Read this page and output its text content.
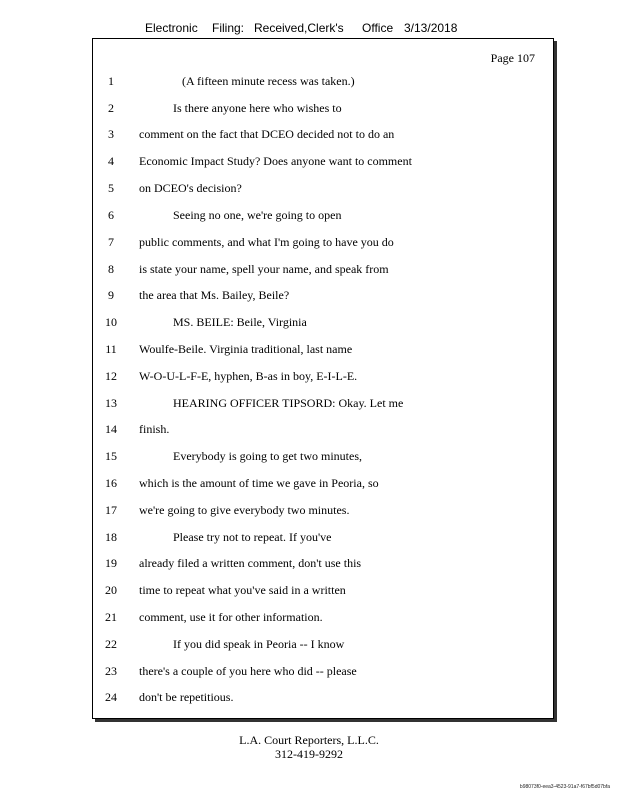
Electronic Filing: Received,Clerk's Office 3/13/2018
Page 107
1	(A fifteen minute recess was taken.)
2	Is there anyone here who wishes to
3	comment on the fact that DCEO decided not to do an
4	Economic Impact Study? Does anyone want to comment
5	on DCEO's decision?
6	Seeing no one, we're going to open
7	public comments, and what I'm going to have you do
8	is state your name, spell your name, and speak from
9	the area that Ms. Bailey, Beile?
10	MS. BEILE: Beile, Virginia
11	Woulfe-Beile. Virginia traditional, last name
12	W-O-U-L-F-E, hyphen, B-as in boy, E-I-L-E.
13	HEARING OFFICER TIPSORD: Okay. Let me
14	finish.
15	Everybody is going to get two minutes,
16	which is the amount of time we gave in Peoria, so
17	we're going to give everybody two minutes.
18	Please try not to repeat. If you've
19	already filed a written comment, don't use this
20	time to repeat what you've said in a written
21	comment, use it for other information.
22	If you did speak in Peoria -- I know
23	there's a couple of you here who did -- please
24	don't be repetitious.
L.A. Court Reporters, L.L.C.
312-419-9292
b98073f0-eea3-4523-91a7-f67bf5d07bfa
